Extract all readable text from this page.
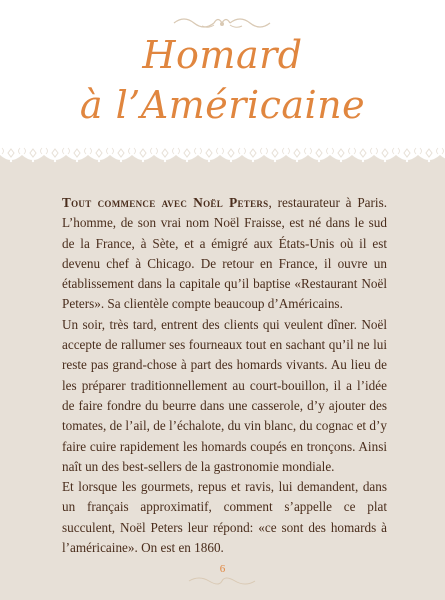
Homard
à l’Américaine

Tout commence avec Noël Peters, restaurateur à Paris. L’homme, de son vrai nom Noël Fraisse, est né dans le sud de la France, à Sète, et a émigré aux États-Unis où il est devenu chef à Chicago. De retour en France, il ouvre un établissement dans la capitale qu’il baptise «Restaurant Noël Peters». Sa clientèle compte beaucoup d’Américains.

Un soir, très tard, entrent des clients qui veulent dîner. Noël accepte de rallumer ses fourneaux tout en sachant qu’il ne lui reste pas grand-chose à part des homards vivants. Au lieu de les préparer traditionnellement au court-bouillon, il a l’idée de faire fondre du beurre dans une casserole, d’y ajouter des tomates, de l’ail, de l’échalote, du vin blanc, du cognac et d’y faire cuire rapidement les homards coupés en tronçons. Ainsi naît un des best-sellers de la gastronomie mondiale.

Et lorsque les gourmets, repus et ravis, lui demandent, dans un français approximatif, comment s’appelle ce plat succulent, Noël Peters leur répond: «ce sont des homards à l’américaine». On est en 1860.

6
